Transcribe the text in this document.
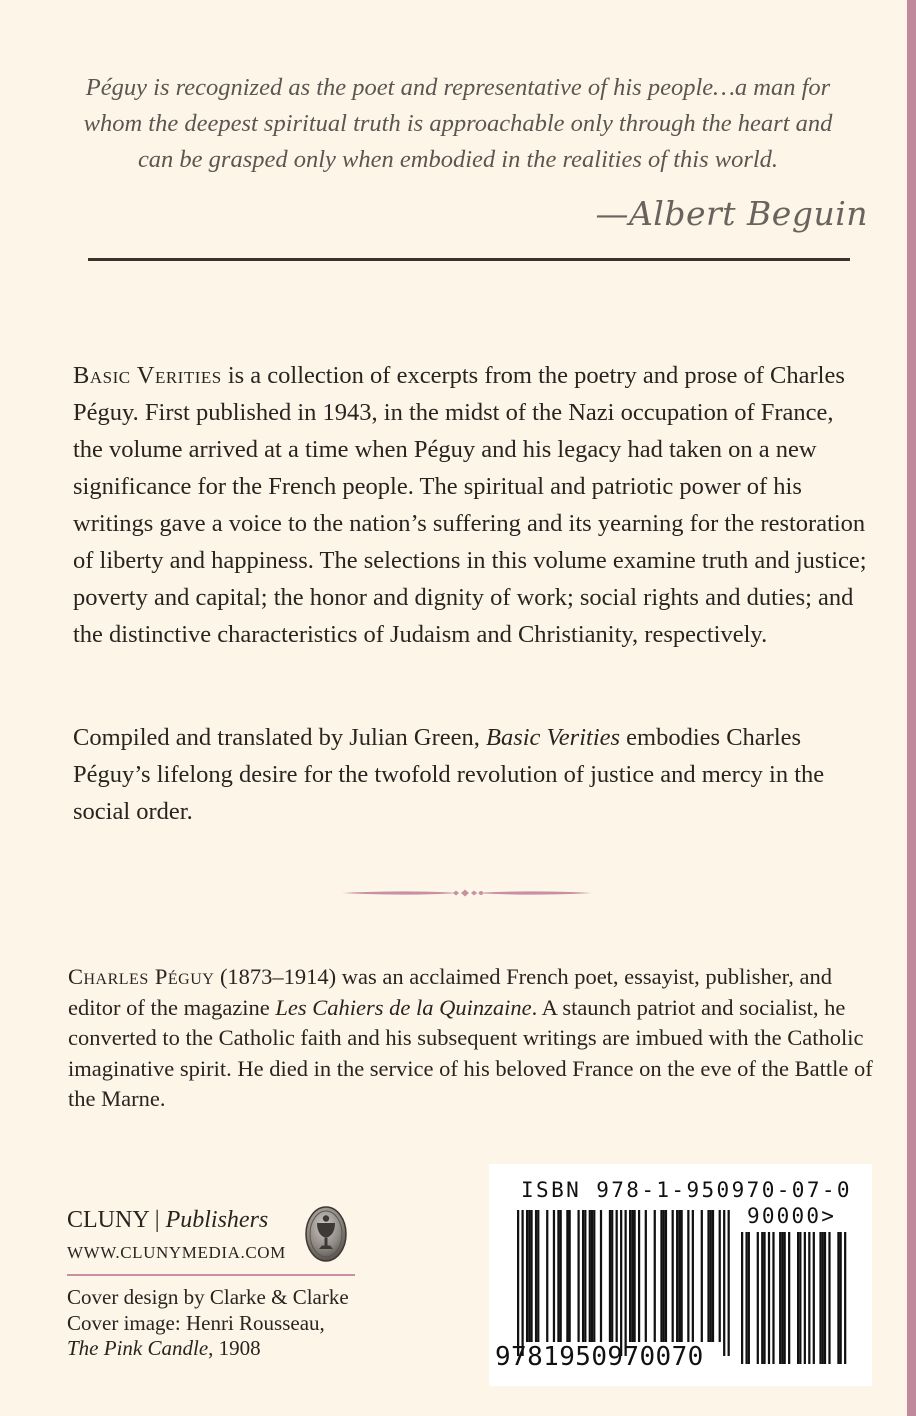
Péguy is recognized as the poet and representative of his people…a man for whom the deepest spiritual truth is approachable only through the heart and can be grasped only when embodied in the realities of this world.

—Albert Beguin

Basic Verities is a collection of excerpts from the poetry and prose of Charles Péguy. First published in 1943, in the midst of the Nazi occupation of France, the volume arrived at a time when Péguy and his legacy had taken on a new significance for the French people. The spiritual and patriotic power of his writings gave a voice to the nation’s suffering and its yearning for the restoration of liberty and happiness. The selections in this volume examine truth and justice; poverty and capital; the honor and dignity of work; social rights and duties; and the distinctive characteristics of Judaism and Christianity, respectively.

Compiled and translated by Julian Green, Basic Verities embodies Charles Péguy’s lifelong desire for the twofold revolution of justice and mercy in the social order.

Charles Péguy (1873–1914) was an acclaimed French poet, essayist, publisher, and editor of the magazine Les Cahiers de la Quinzaine. A staunch patriot and socialist, he converted to the Catholic faith and his subsequent writings are imbued with the Catholic imaginative spirit. He died in the service of his beloved France on the eve of the Battle of the Marne.

CLUNY | Publishers
WWW.CLUNYMEDIA.COM
Cover design by Clarke & Clarke
Cover image: Henri Rousseau,
The Pink Candle, 1908
ISBN 978-1-950970-07-0
90000>
9781950970070
